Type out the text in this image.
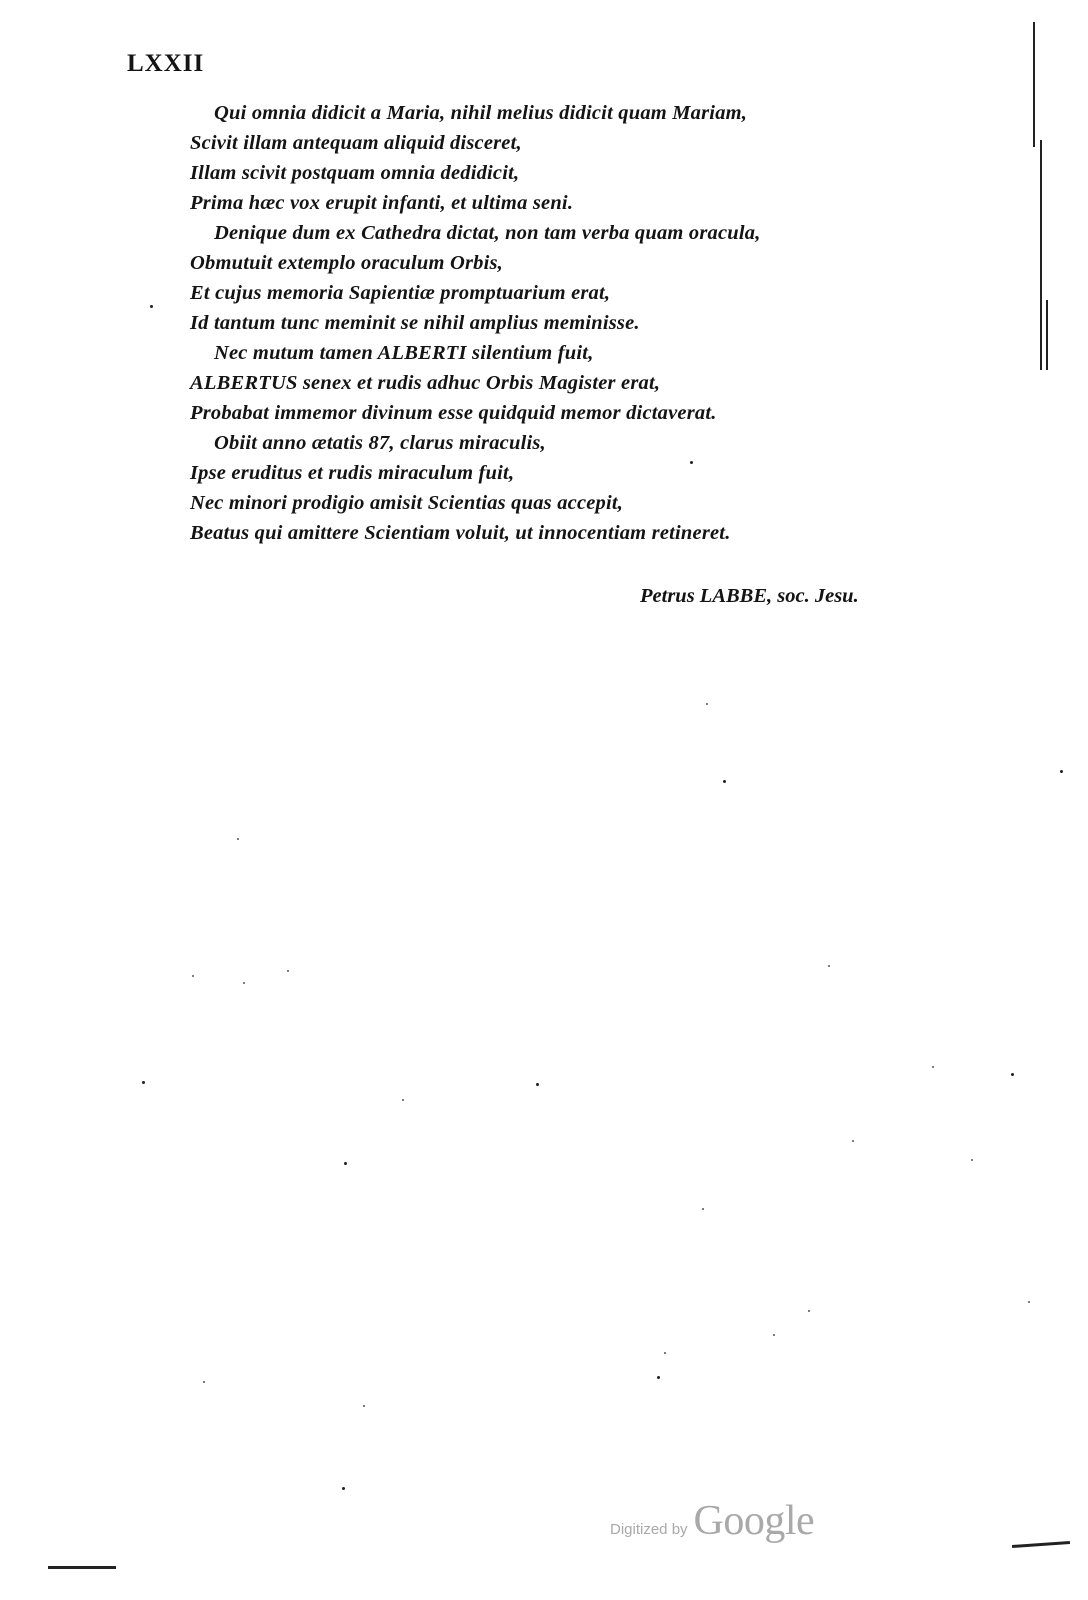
LXXII
Qui omnia didicit a Maria, nihil melius didicit quam Mariam,
Scivit illam antequam aliquid disceret,
Illam scivit postquam omnia dedidicit,
Prima hæc vox erupit infanti, et ultima seni.
Denique dum ex Cathedra dictat, non tam verba quam oracula,
Obmutuit extemplo oraculum Orbis,
Et cujus memoria Sapientiæ promptuarium erat,
Id tantum tunc meminit se nihil amplius meminisse.
Nec mutum tamen ALBERTI silentium fuit,
ALBERTUS senex et rudis adhuc Orbis Magister erat,
Probabat immemor divinum esse quidquid memor dictaverat.
Obiit anno ætatis 87, clarus miraculis,
Ipse eruditus et rudis miraculum fuit,
Nec minori prodigio amisit Scientias quas accepit,
Beatus qui amittere Scientiam voluit, ut innocentiam retineret.
Petrus LABBE, soc. Jesu.
Digitized by Google
